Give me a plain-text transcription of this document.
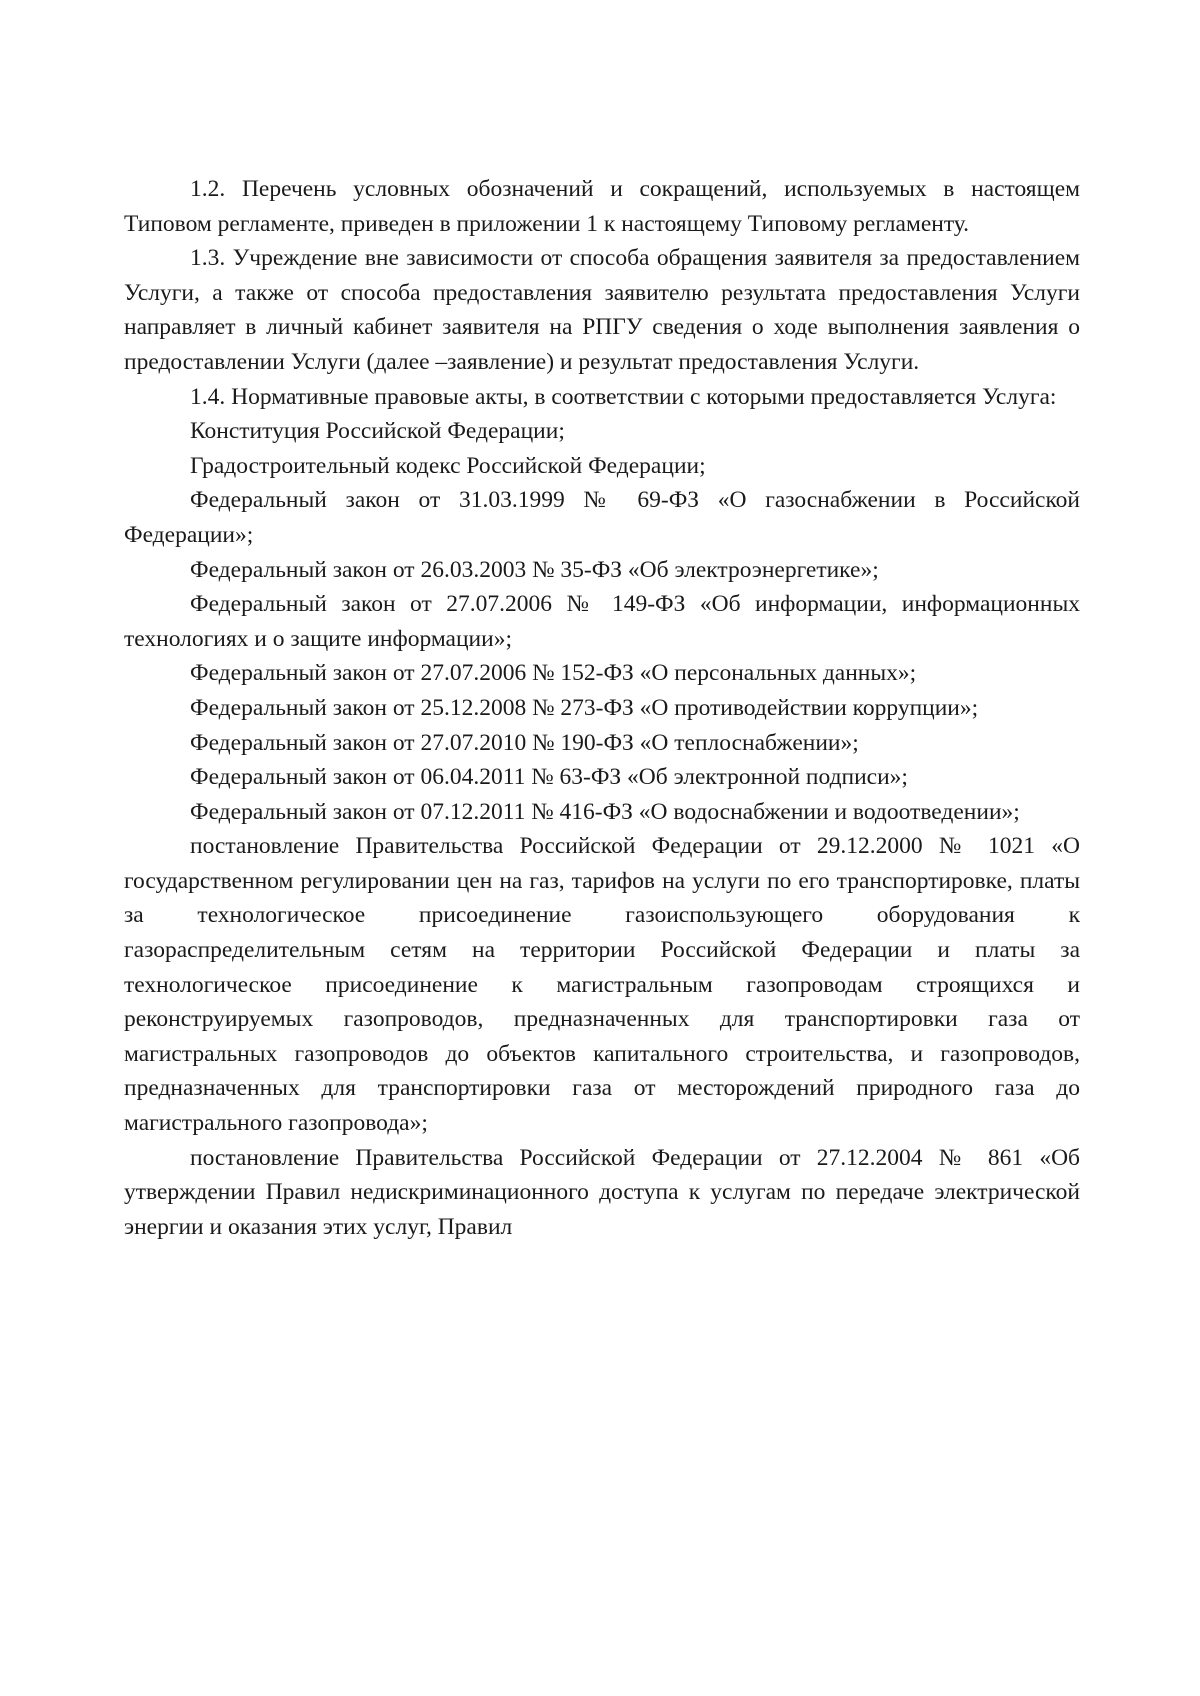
1.2. Перечень условных обозначений и сокращений, используемых в настоящем Типовом регламенте, приведен в приложении 1 к настоящему Типовому регламенту.

1.3. Учреждение вне зависимости от способа обращения заявителя за предоставлением Услуги, а также от способа предоставления заявителю результата предоставления Услуги направляет в личный кабинет заявителя на РПГУ сведения о ходе выполнения заявления о предоставлении Услуги (далее –заявление) и результат предоставления Услуги.

1.4. Нормативные правовые акты, в соответствии с которыми предоставляется Услуга:

Конституция Российской Федерации;

Градостроительный кодекс Российской Федерации;

Федеральный закон от 31.03.1999 № 69-ФЗ «О газоснабжении в Российской Федерации»;

Федеральный закон от 26.03.2003 № 35-ФЗ «Об электроэнергетике»;

Федеральный закон от 27.07.2006 № 149-ФЗ «Об информации, информационных технологиях и о защите информации»;

Федеральный закон от 27.07.2006 № 152-ФЗ «О персональных данных»;

Федеральный закон от 25.12.2008 № 273-ФЗ «О противодействии коррупции»;

Федеральный закон от 27.07.2010 № 190-ФЗ «О теплоснабжении»;

Федеральный закон от 06.04.2011 № 63-ФЗ «Об электронной подписи»;

Федеральный закон от 07.12.2011 № 416-ФЗ «О водоснабжении и водоотведении»;

постановление Правительства Российской Федерации от 29.12.2000 № 1021 «О государственном регулировании цен на газ, тарифов на услуги по его транспортировке, платы за технологическое присоединение газоиспользующего оборудования к газораспределительным сетям на территории Российской Федерации и платы за технологическое присоединение к магистральным газопроводам строящихся и реконструируемых газопроводов, предназначенных для транспортировки газа от магистральных газопроводов до объектов капитального строительства, и газопроводов, предназначенных для транспортировки газа от месторождений природного газа до магистрального газопровода»;

постановление Правительства Российской Федерации от 27.12.2004 № 861 «Об утверждении Правил недискриминационного доступа к услугам по передаче электрической энергии и оказания этих услуг, Правил
